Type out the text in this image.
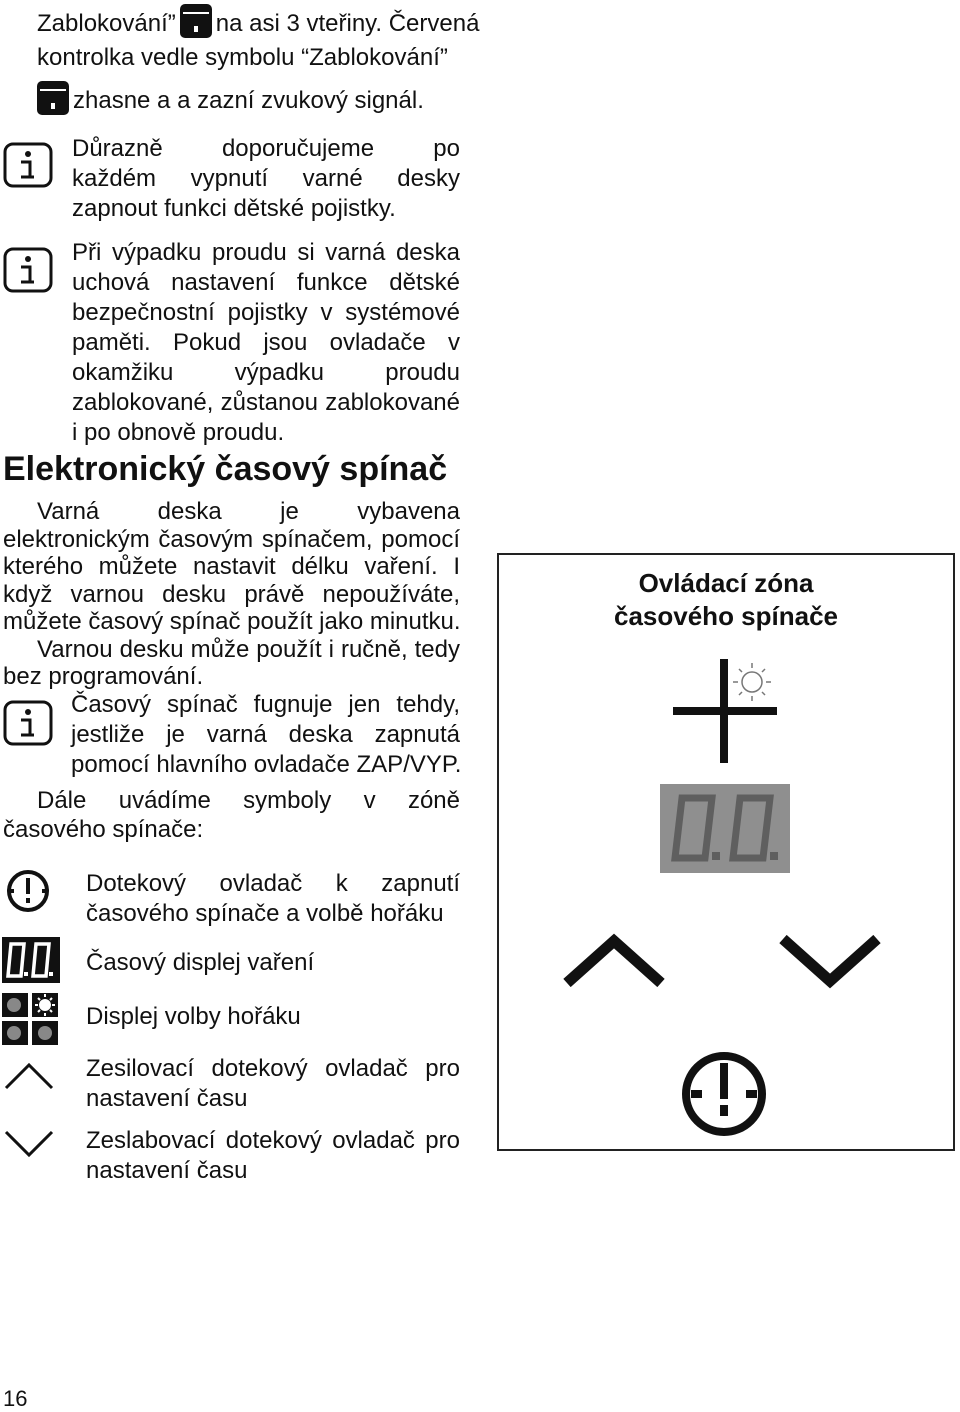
Zablokování” na asi 3 vteřiny. Červená
kontrolka vedle symbolu “Zablokování”
zhasne a a zazní zvukový signál.
Důrazně doporučujeme po
každém vypnutí varné desky
zapnout funkci dětské pojistky.
Při výpadku proudu si varná deska
uchová nastavení funkce dětské
bezpečnostní pojistky v systémové
paměti. Pokud jsou ovladače v
okamžiku výpadku proudu
zablokované, zůstanou zablokované
i po obnově proudu.
Elektronický časový spínač
Varná deska je vybavena
elektronickým časovým spínačem, pomocí
kterého můžete nastavit délku vaření. I
když varnou desku právě nepoužíváte,
můžete časový spínač použít jako minutku.
Varnou desku může použít i ručně, tedy
bez programování.
Časový spínač fugnuje jen tehdy,
jestliže je varná deska zapnutá
pomocí hlavního ovladače ZAP/VYP.
Dále uvádíme symboly v zóně
časového spínače:
Dotekový ovladač k zapnutí
časového spínače a volbě hořáku
Časový displej vaření
Displej volby hořáku
Zesilovací dotekový ovladač pro
nastavení času
Zeslabovací dotekový ovladač pro
nastavení času
Ovládací zóna
časového spínače
16
